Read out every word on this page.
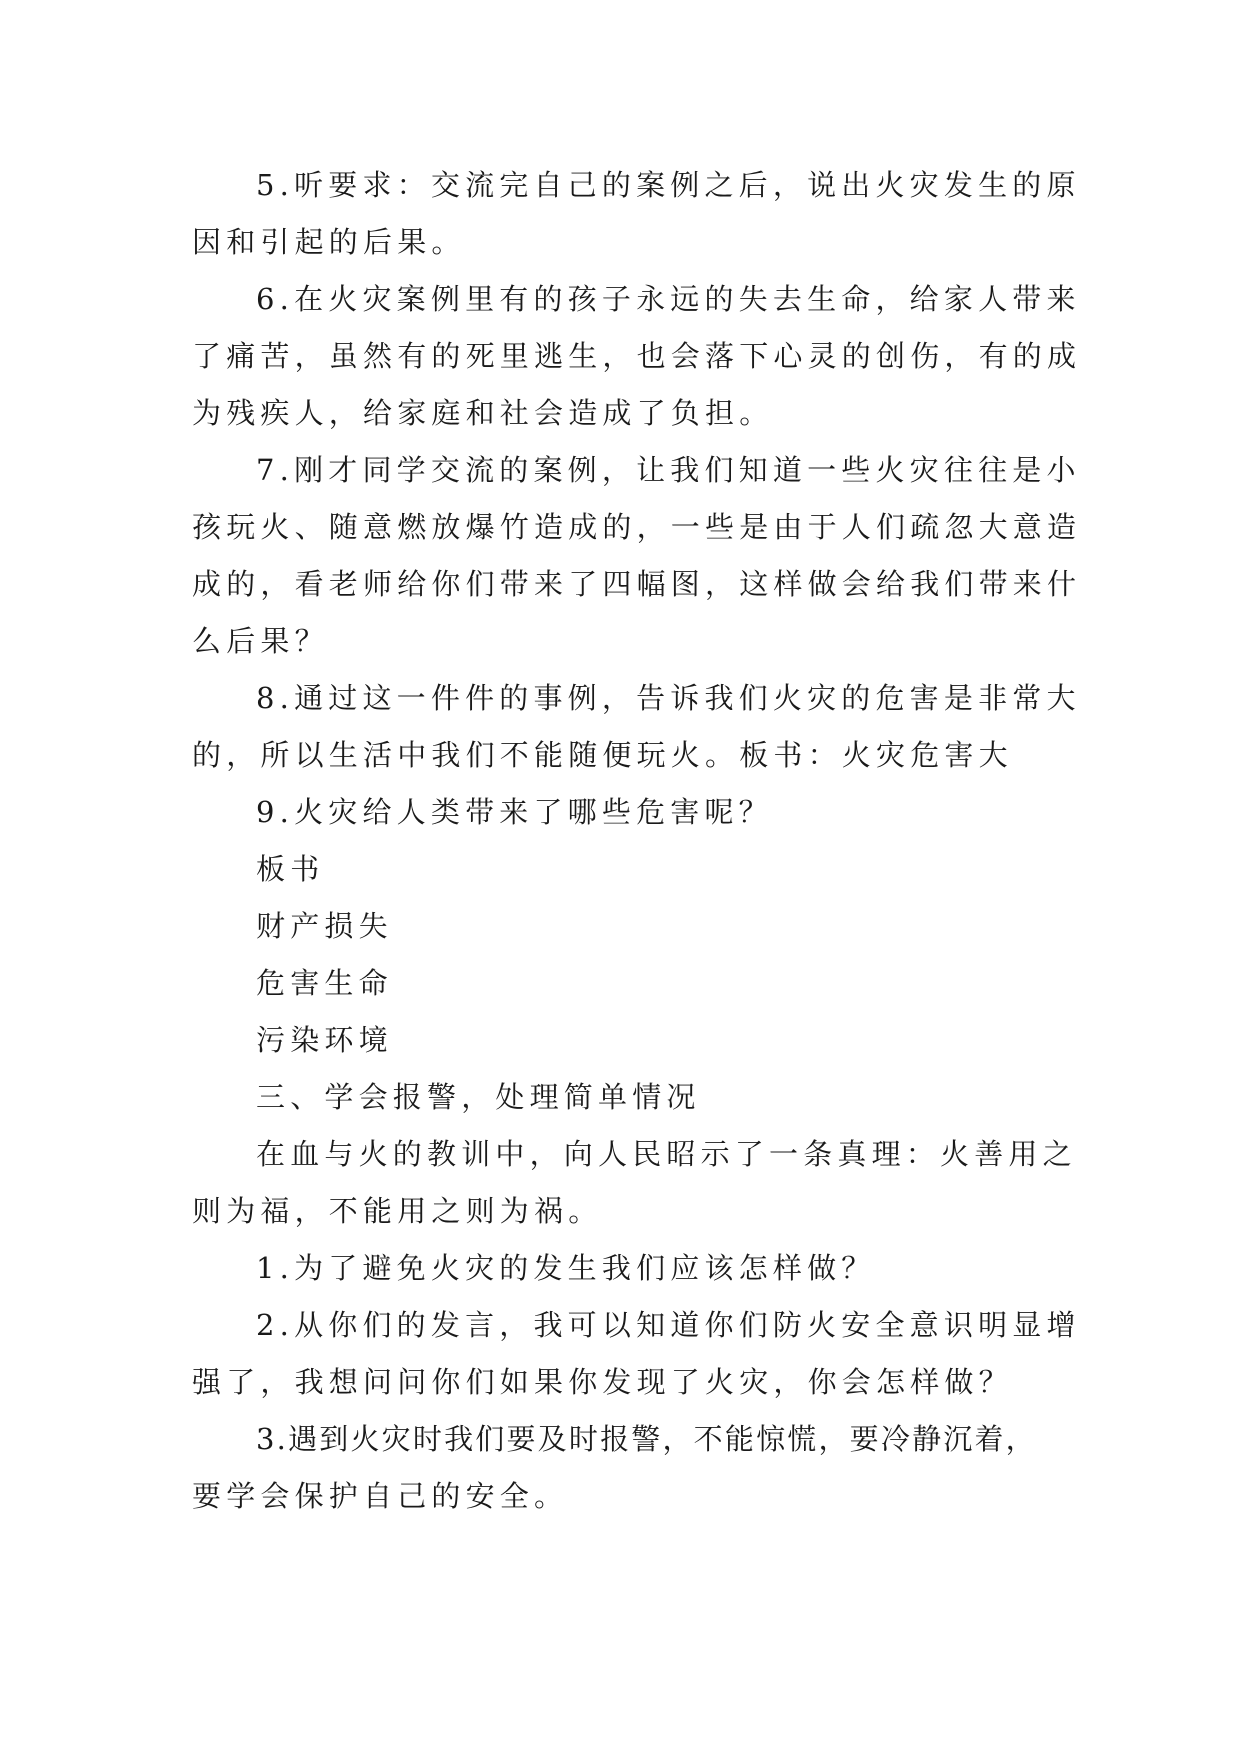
5.听要求：交流完自己的案例之后，说出火灾发生的原
因和引起的后果。
6.在火灾案例里有的孩子永远的失去生命，给家人带来
了痛苦，虽然有的死里逃生，也会落下心灵的创伤，有的成
为残疾人，给家庭和社会造成了负担。
7.刚才同学交流的案例，让我们知道一些火灾往往是小
孩玩火、随意燃放爆竹造成的，一些是由于人们疏忽大意造
成的，看老师给你们带来了四幅图，这样做会给我们带来什
么后果？
8.通过这一件件的事例，告诉我们火灾的危害是非常大
的，所以生活中我们不能随便玩火。板书：火灾危害大
9.火灾给人类带来了哪些危害呢？
板书
财产损失
危害生命
污染环境
三、学会报警，处理简单情况
在血与火的教训中，向人民昭示了一条真理：火善用之
则为福，不能用之则为祸。
1.为了避免火灾的发生我们应该怎样做？
2.从你们的发言，我可以知道你们防火安全意识明显增
强了，我想问问你们如果你发现了火灾，你会怎样做？
3.遇到火灾时我们要及时报警，不能惊慌，要冷静沉着，
要学会保护自己的安全。
